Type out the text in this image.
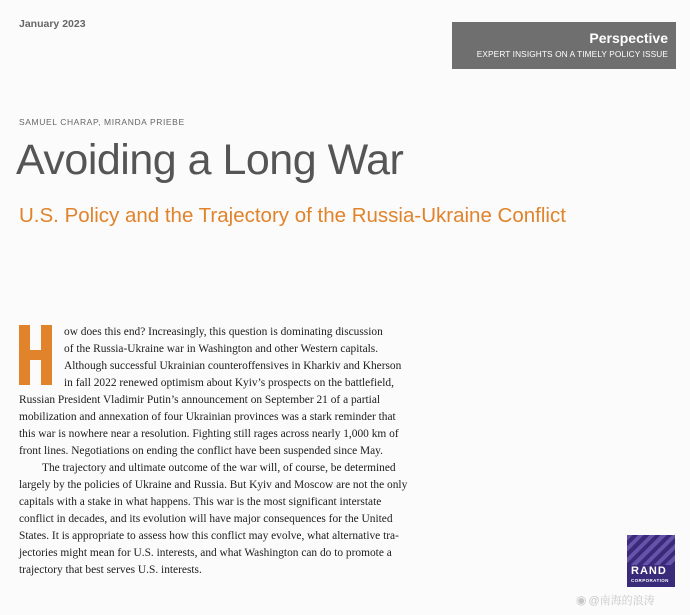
January 2023
Perspective
EXPERT INSIGHTS ON A TIMELY POLICY ISSUE
SAMUEL CHARAP, MIRANDA PRIEBE
Avoiding a Long War
U.S. Policy and the Trajectory of the Russia-Ukraine Conflict
ow does this end? Increasingly, this question is dominating discussion
of the Russia-Ukraine war in Washington and other Western capitals.
Although successful Ukrainian counteroffensives in Kharkiv and Kherson
in fall 2022 renewed optimism about Kyiv’s prospects on the battlefield,
Russian President Vladimir Putin’s announcement on September 21 of a partial
mobilization and annexation of four Ukrainian provinces was a stark reminder that
this war is nowhere near a resolution. Fighting still rages across nearly 1,000 km of
front lines. Negotiations on ending the conflict have been suspended since May.
The trajectory and ultimate outcome of the war will, of course, be determined
largely by the policies of Ukraine and Russia. But Kyiv and Moscow are not the only
capitals with a stake in what happens. This war is the most significant interstate
conflict in decades, and its evolution will have major consequences for the United
States. It is appropriate to assess how this conflict may evolve, what alternative tra-
jectories might mean for U.S. interests, and what Washington can do to promote a
trajectory that best serves U.S. interests.	RAND
CORPORATION
◉ @南海的浪涛
